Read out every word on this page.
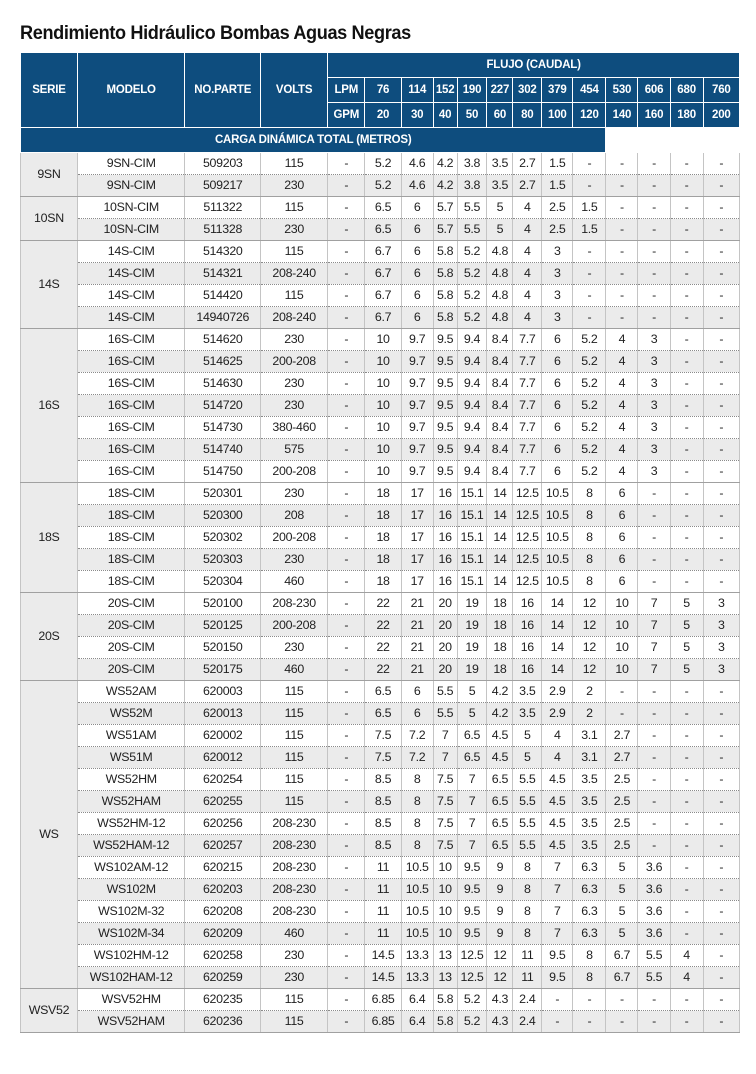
Rendimiento Hidráulico Bombas Aguas Negras
SERIE	MODELO	NO.PARTE	VOLTS	FLUJO (CAUDAL)												
				LPM	76	114	152	190	227	302	379	454	530	606	680	760
				GPM	20	30	40	50	60	80	100	120	140	160	180	200
CARGA DINÁMICA TOTAL (METROS)																
9SN	9SN-CIM	509203	115	-	5.2	4.6	4.2	3.8	3.5	2.7	1.5	-	-	-	-	-
	9SN-CIM	509217	230	-	5.2	4.6	4.2	3.8	3.5	2.7	1.5	-	-	-	-	-
10SN	10SN-CIM	511322	115	-	6.5	6	5.7	5.5	5	4	2.5	1.5	-	-	-	-
	10SN-CIM	511328	230	-	6.5	6	5.7	5.5	5	4	2.5	1.5	-	-	-	-
14S	14S-CIM	514320	115	-	6.7	6	5.8	5.2	4.8	4	3	-	-	-	-	-
	14S-CIM	514321	208-240	-	6.7	6	5.8	5.2	4.8	4	3	-	-	-	-	-
	14S-CIM	514420	115	-	6.7	6	5.8	5.2	4.8	4	3	-	-	-	-	-
	14S-CIM	14940726	208-240	-	6.7	6	5.8	5.2	4.8	4	3	-	-	-	-	-
16S	16S-CIM	514620	230	-	10	9.7	9.5	9.4	8.4	7.7	6	5.2	4	3	-	-
	16S-CIM	514625	200-208	-	10	9.7	9.5	9.4	8.4	7.7	6	5.2	4	3	-	-
	16S-CIM	514630	230	-	10	9.7	9.5	9.4	8.4	7.7	6	5.2	4	3	-	-
	16S-CIM	514720	230	-	10	9.7	9.5	9.4	8.4	7.7	6	5.2	4	3	-	-
	16S-CIM	514730	380-460	-	10	9.7	9.5	9.4	8.4	7.7	6	5.2	4	3	-	-
	16S-CIM	514740	575	-	10	9.7	9.5	9.4	8.4	7.7	6	5.2	4	3	-	-
	16S-CIM	514750	200-208	-	10	9.7	9.5	9.4	8.4	7.7	6	5.2	4	3	-	-
18S	18S-CIM	520301	230	-	18	17	16	15.1	14	12.5	10.5	8	6	-	-	-
	18S-CIM	520300	208	-	18	17	16	15.1	14	12.5	10.5	8	6	-	-	-
	18S-CIM	520302	200-208	-	18	17	16	15.1	14	12.5	10.5	8	6	-	-	-
	18S-CIM	520303	230	-	18	17	16	15.1	14	12.5	10.5	8	6	-	-	-
	18S-CIM	520304	460	-	18	17	16	15.1	14	12.5	10.5	8	6	-	-	-
20S	20S-CIM	520100	208-230	-	22	21	20	19	18	16	14	12	10	7	5	3
	20S-CIM	520125	200-208	-	22	21	20	19	18	16	14	12	10	7	5	3
	20S-CIM	520150	230	-	22	21	20	19	18	16	14	12	10	7	5	3
	20S-CIM	520175	460	-	22	21	20	19	18	16	14	12	10	7	5	3
WS	WS52AM	620003	115	-	6.5	6	5.5	5	4.2	3.5	2.9	2	-	-	-	-
	WS52M	620013	115	-	6.5	6	5.5	5	4.2	3.5	2.9	2	-	-	-	-
	WS51AM	620002	115	-	7.5	7.2	7	6.5	4.5	5	4	3.1	2.7	-	-	-
	WS51M	620012	115	-	7.5	7.2	7	6.5	4.5	5	4	3.1	2.7	-	-	-
	WS52HM	620254	115	-	8.5	8	7.5	7	6.5	5.5	4.5	3.5	2.5	-	-	-
	WS52HAM	620255	115	-	8.5	8	7.5	7	6.5	5.5	4.5	3.5	2.5	-	-	-
	WS52HM-12	620256	208-230	-	8.5	8	7.5	7	6.5	5.5	4.5	3.5	2.5	-	-	-
	WS52HAM-12	620257	208-230	-	8.5	8	7.5	7	6.5	5.5	4.5	3.5	2.5	-	-	-
	WS102AM-12	620215	208-230	-	11	10.5	10	9.5	9	8	7	6.3	5	3.6	-	-
	WS102M	620203	208-230	-	11	10.5	10	9.5	9	8	7	6.3	5	3.6	-	-
	WS102M-32	620208	208-230	-	11	10.5	10	9.5	9	8	7	6.3	5	3.6	-	-
	WS102M-34	620209	460	-	11	10.5	10	9.5	9	8	7	6.3	5	3.6	-	-
	WS102HM-12	620258	230	-	14.5	13.3	13	12.5	12	11	9.5	8	6.7	5.5	4	-
	WS102HAM-12	620259	230	-	14.5	13.3	13	12.5	12	11	9.5	8	6.7	5.5	4	-
WSV52	WSV52HM	620235	115	-	6.85	6.4	5.8	5.2	4.3	2.4	-	-	-	-	-	-
	WSV52HAM	620236	115	-	6.85	6.4	5.8	5.2	4.3	2.4	-	-	-	-	-	-
